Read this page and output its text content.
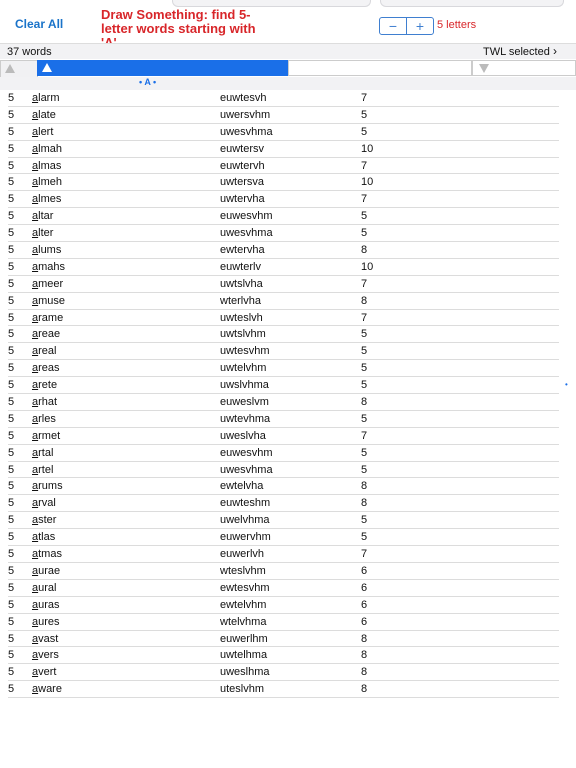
Clear All
Draw Something: find 5-letter words starting with	−	+	5 letters
37 words	TWL selected ›
• A •
5 alarm	euwtesvh	7
5 alate	uwersvhm	5
5 alert	uwesvhma	5
5 almah	euwtersv	10
5 almas	euwtervh	7
5 almeh	uwtersva	10
5 almes	uwtervha	7
5 altar	euwesvhm	5
5 alter	uwesvhma	5
5 alums	ewtervha	8
5 amahs	euwterlv	10
5 ameer	uwtslvha	7
5 amuse	wterlvha	8
5 arame	uwteslvh	7
5 areae	uwtslvhm	5
5 areal	uwtesvhm	5
5 areas	uwtelvhm	5
5 arete	uwslvhma	5
5 arhat	euweslvm	8
5 arles	uwtevhma	5
5 armet	uweslvha	7
5 artal	euwesvhm	5
5 artel	uwesvhma	5
5 arums	ewtelvha	8
5 arval	euwteshm	8
5 aster	uwelvhma	5
5 atlas	euwervhm	5
5 atmas	euwerlvh	7
5 aurae	wteslvhm	6
5 aural	ewtesvhm	6
5 auras	ewtelvhm	6
5 aures	wtelvhma	6
5 avast	euwerlhm	8
5 avers	uwtelhma	8
5 avert	uweslhma	8
5 aware	uteslvhm	8
•
